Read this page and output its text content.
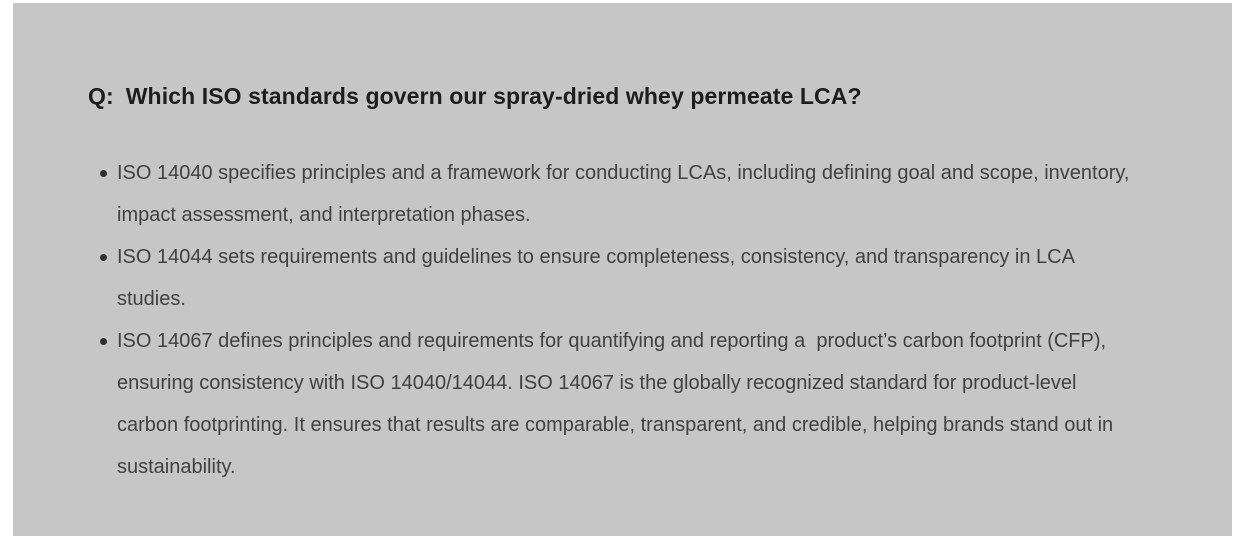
Q: Which ISO standards govern our spray-dried whey permeate LCA?
ISO 14040 specifies principles and a framework for conducting LCAs, including defining goal and scope, inventory, impact assessment, and interpretation phases.
ISO 14044 sets requirements and guidelines to ensure completeness, consistency, and transparency in LCA studies.
ISO 14067 defines principles and requirements for quantifying and reporting a  product’s carbon footprint (CFP), ensuring consistency with ISO 14040/14044. ISO 14067 is the globally recognized standard for product-level carbon footprinting. It ensures that results are comparable, transparent, and credible, helping brands stand out in sustainability.
